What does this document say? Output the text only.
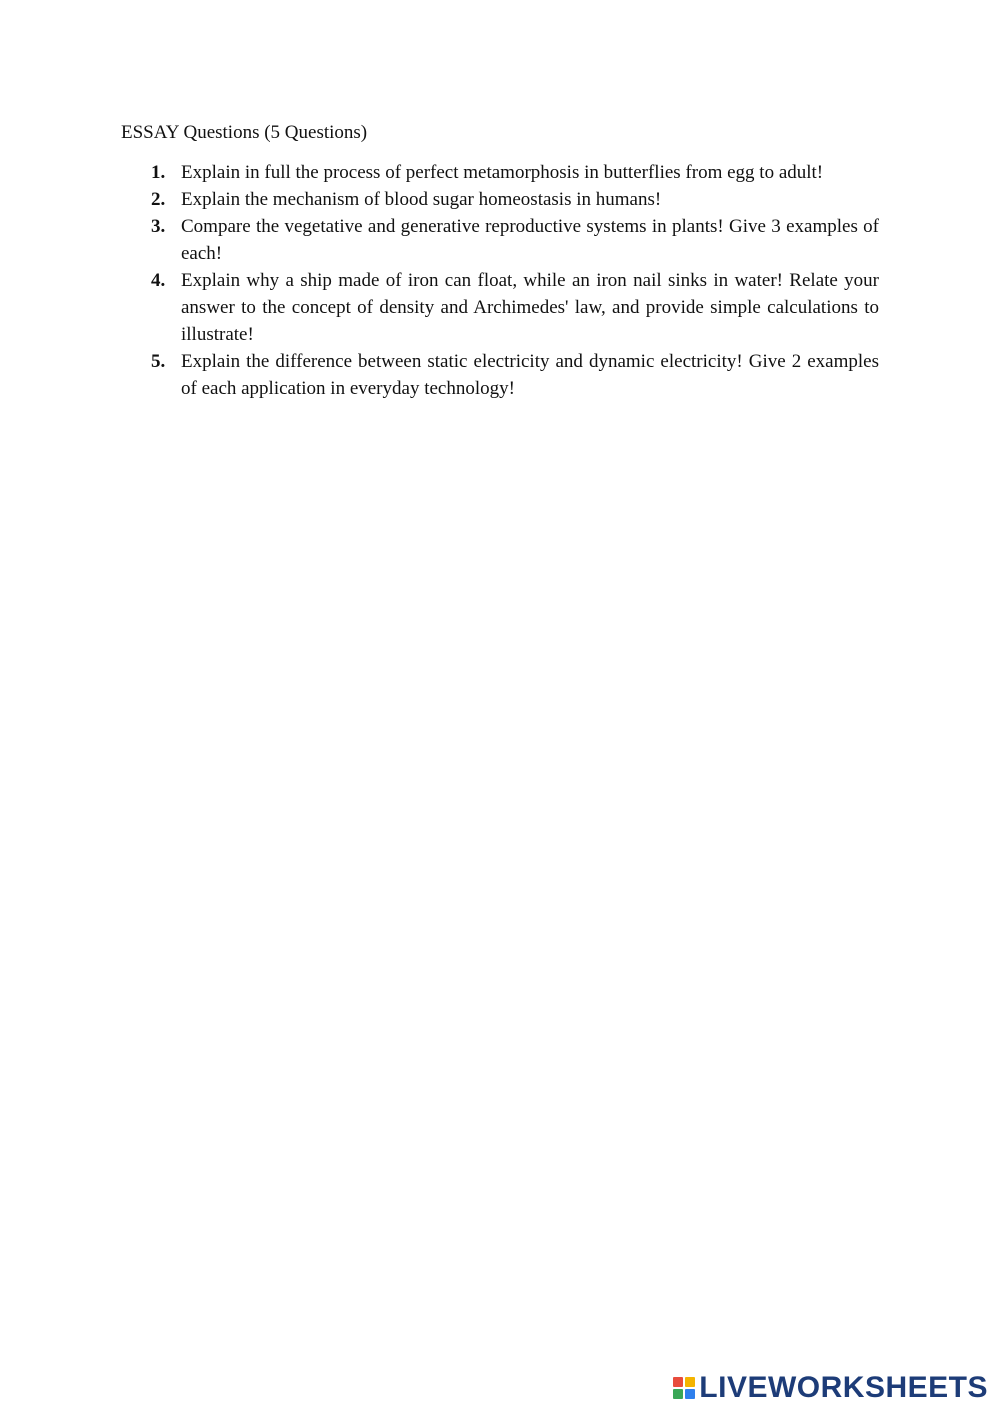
ESSAY Questions (5 Questions)
1. Explain in full the process of perfect metamorphosis in butterflies from egg to adult!
2. Explain the mechanism of blood sugar homeostasis in humans!
3. Compare the vegetative and generative reproductive systems in plants! Give 3 examples of each!
4. Explain why a ship made of iron can float, while an iron nail sinks in water! Relate your answer to the concept of density and Archimedes' law, and provide simple calculations to illustrate!
5. Explain the difference between static electricity and dynamic electricity! Give 2 examples of each application in everyday technology!
LIVEWORKSHEETS
